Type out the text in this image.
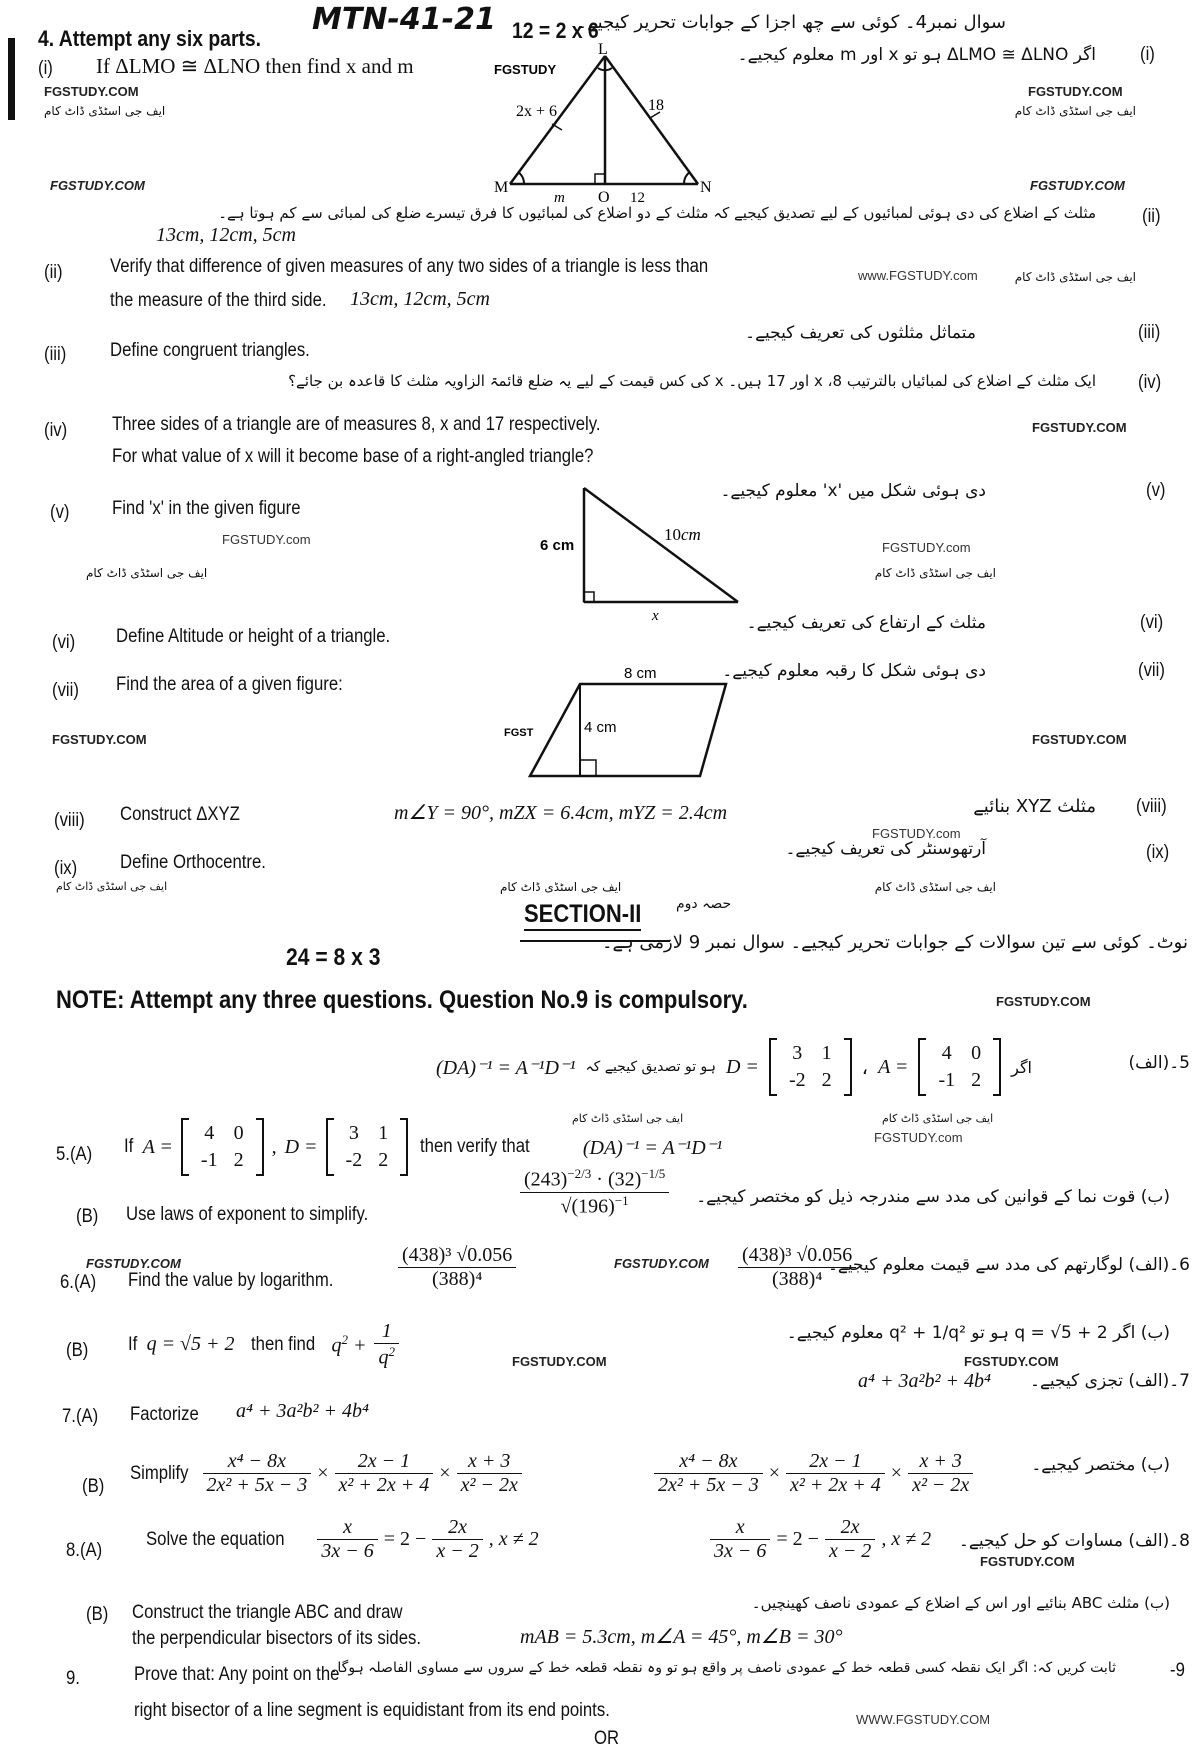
4. Attempt any six parts.
MTN-41-21 12 = 2 x 6
سوال نمبر4۔ کوئی سے چھ اجزا کے جوابات تحریر کیجیے۔
(i) If ΔLMO ≅ ΔLNO then find x and m	اگر ΔLMO ≅ ΔLNO ہو تو x اور m معلوم کیجیے۔ (i)
FGSTUDY.COM
ایف جی اسٹڈی ڈاٹ کام
FGSTUDY.COM
ایف جی اسٹڈی ڈاٹ کام
FGSTUDY.COM	FGSTUDY.COM
L
M	N
O
2x + 6	18
m	12
FGSTUDY
مثلث کے اضلاع کی دی ہوئی لمبائیوں کے لیے تصدیق کیجیے کہ مثلث کے دو اضلاع کی لمبائیوں کا فرق تیسرے ضلع کی لمبائی سے کم ہوتا ہے۔ (ii)
13cm, 12cm, 5cm
(ii) Verify that difference of given measures of any two sides of a triangle is less than
the measure of the third side. 13cm, 12cm, 5cm
www.FGSTUDY.com	ایف جی اسٹڈی ڈاٹ کام
متماثل مثلثوں کی تعریف کیجیے۔	(iii)
(iii) Define congruent triangles.
ایک مثلث کے اضلاع کی لمبائیاں بالترتیب 8، x اور 17 ہیں۔ x کی کس قیمت کے لیے یہ ضلع قائمۃ الزاویہ مثلث کا قاعدہ بن جائے؟ (iv)
(iv) Three sides of a triangle are of measures 8, x and 17 respectively.
For what value of x will it become base of a right-angled triangle?
FGSTUDY.COM
(v) Find 'x' in the given figure
دی ہوئی شکل میں 'x' معلوم کیجیے۔	(v)
FGSTUDY.com
ایف جی اسٹڈی ڈاٹ کام
FGSTUDY.com
ایف جی اسٹڈی ڈاٹ کام
6 cm
10cm
x
(vi) Define Altitude or height of a triangle.
مثلث کے ارتفاع کی تعریف کیجیے۔	(vi)
(vii) Find the area of a given figure:
دی ہوئی شکل کا رقبہ معلوم کیجیے۔	(vii)
FGSTUDY.COM	FGSTUDY.COM
8 cm
4 cm
FGST
(viii) Construct ΔXYZ	m∠Y = 90°, mZX = 6.4cm, mYZ = 2.4cm	مثلث XYZ بنائیے (viii)
FGSTUDY.com
(ix) Define Orthocentre.
آرتھوسنٹر کی تعریف کیجیے۔	(ix)
ایف جی اسٹڈی ڈاٹ کام	ایف جی اسٹڈی ڈاٹ کام	ایف جی اسٹڈی ڈاٹ کام
SECTION-II حصہ دوم
24 = 8 x 3
نوٹ۔ کوئی سے تین سوالات کے جوابات تحریر کیجیے۔ سوال نمبر 9 لازمی ہے۔
NOTE: Attempt any three questions. Question No.9 is compulsory.	FGSTUDY.COM
(DA)⁻¹ = A⁻¹D⁻¹ ہو تو تصدیق کیجیے کہ D =
3	1
-2	2
، A =
4	0
-1	2
اگر	5۔(الف)
ایف جی اسٹڈی ڈاٹ کام	ایف جی اسٹڈی ڈاٹ کام
FGSTUDY.com
5.(A) If A =
4	0
-1	2
, D =
3	1
-2	2
then verify that	(DA)⁻¹ = A⁻¹D⁻¹
(B) Use laws of exponent to simplify.	$\frac{(243)^{-2/3} \cdot (32)^{-1/5}}{√(196)^{-1}}$ (ب) قوت نما کے قوانین کی مدد سے مندرجہ ذیل کو مختصر کیجیے۔
FGSTUDY.COM
6.(A) Find the value by logarithm.	$\frac{\text{(438)³ √0.056}}{\text{(388)⁴}}$	FGSTUDY.COM $\frac{\text{(438)³ √0.056}}{\text{(388)⁴}}$
6۔(الف) لوگارتھم کی مدد سے قیمت معلوم کیجیے۔
(B) If q = √5 + 2 then find $q^2 + \frac{1}{q^2}$	FGSTUDY.COM
(ب) اگر q = √5 + 2 ہو تو q² + 1/q² معلوم کیجیے۔
FGSTUDY.COM
7.(A) Factorize a⁴ + 3a²b² + 4b⁴
a⁴ + 3a²b² + 4b⁴ 7۔(الف) تجزی کیجیے۔
(B)
Simplify $\frac{\text{x⁴ − 8x}}{\text{2x² + 5x − 3}} \times \frac{2x - 1}{\text{x² + 2x + 4}} \times \frac{x + 3}{\text{x² − 2x}}$	$\frac{\text{x⁴ − 8x}}{\text{2x² + 5x − 3}} \times \frac{2x - 1}{\text{x² + 2x + 4}} \times \frac{x + 3}{\text{x² − 2x}}$	(ب) مختصر کیجیے۔
8.(A)
Solve the equation $\frac{x}{3x - 6} = 2 - \frac{2x}{x - 2}$ , x ≠ 2	$\frac{x}{3x - 6} = 2 - \frac{2x}{x - 2}$ , x ≠ 2 8۔(الف) مساوات کو حل کیجیے۔
FGSTUDY.COM
(B) Construct the triangle ABC and draw
the perpendicular bisectors of its sides.	mAB = 5.3cm, m∠A = 45°, m∠B = 30°
(ب) مثلث ABC بنائیے اور اس کے اضلاع کے عمودی ناصف کھینچیں۔
9.	Prove that: Any point on the
right bisector of a line segment is equidistant from its end points.
ثابت کریں کہ: اگر ایک نقطہ کسی قطعہ خط کے عمودی ناصف پر واقع ہو تو وہ نقطہ قطعہ خط کے سروں سے مساوی الفاصلہ ہوگا۔	-9
WWW.FGSTUDY.COM
OR
